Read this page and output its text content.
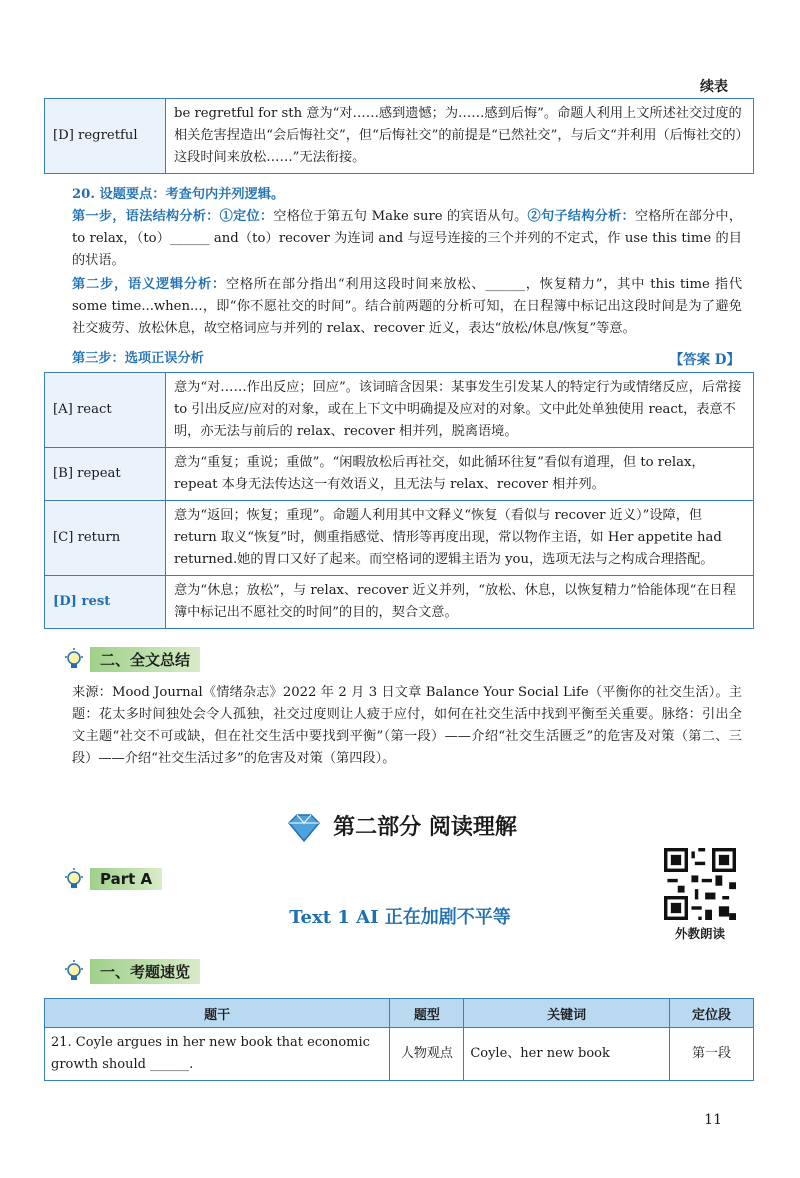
续表
[D] regretful	be regretful for sth 意为“对……感到遗憾；为……感到后悔”。命题人利用上文所述社交过度的相关危害捏造出“会后悔社交”，但“后悔社交”的前提是“已然社交”，与后文“并利用（后悔社交的）这段时间来放松……”无法衔接。
20. 设题要点：考查句内并列逻辑。
第一步，语法结构分析：①定位：空格位于第五句 Make sure 的宾语从句。②句子结构分析：空格所在部分中，to relax，（to）______ and（to）recover 为连词 and 与逗号连接的三个并列的不定式，作 use this time 的目的状语。
第二步，语义逻辑分析：空格所在部分指出“利用这段时间来放松、______，恢复精力”，其中 this time 指代 some time...when...，即“你不愿社交的时间”。结合前两题的分析可知，在日程簿中标记出这段时间是为了避免社交疲劳、放松休息，故空格词应与并列的 relax、recover 近义，表达“放松/休息/恢复”等意。
第三步：选项正误分析	【答案 D】
[A] react	意为“对……作出反应；回应”。该词暗含因果：某事发生引发某人的特定行为或情绪反应，后常接 to 引出反应/应对的对象，或在上下文中明确提及应对的对象。文中此处单独使用 react，表意不明，亦无法与前后的 relax、recover 相并列，脱离语境。
[B] repeat	意为“重复；重说；重做”。“闲暇放松后再社交，如此循环往复”看似有道理，但 to relax，repeat 本身无法传达这一有效语义，且无法与 relax、recover 相并列。
[C] return	意为“返回；恢复；重现”。命题人利用其中文释义“恢复（看似与 recover 近义）”设障，但 return 取义“恢复”时，侧重指感觉、情形等再度出现，常以物作主语，如 Her appetite had returned.她的胃口又好了起来。而空格词的逻辑主语为 you，选项无法与之构成合理搭配。
[D] rest	意为“休息；放松”，与 relax、recover 近义并列，“放松、休息，以恢复精力”恰能体现“在日程簿中标记出不愿社交的时间”的目的，契合文意。
二、全文总结
来源：Mood Journal《情绪杂志》2022 年 2 月 3 日文章 Balance Your Social Life（平衡你的社交生活）。主题：花太多时间独处会令人孤独，社交过度则让人疲于应付，如何在社交生活中找到平衡至关重要。脉络：引出全文主题“社交不可或缺，但在社交生活中要找到平衡”（第一段）——介绍“社交生活匮乏”的危害及对策（第二、三段）——介绍“社交生活过多”的危害及对策（第四段）。
第二部分 阅读理解
Part A
Text 1 AI 正在加剧不平等
外教朗读
一、考题速览
题干	题型	关键词	定位段
21. Coyle argues in her new book that economic growth should ______.	人物观点	Coyle、her new book	第一段
11
